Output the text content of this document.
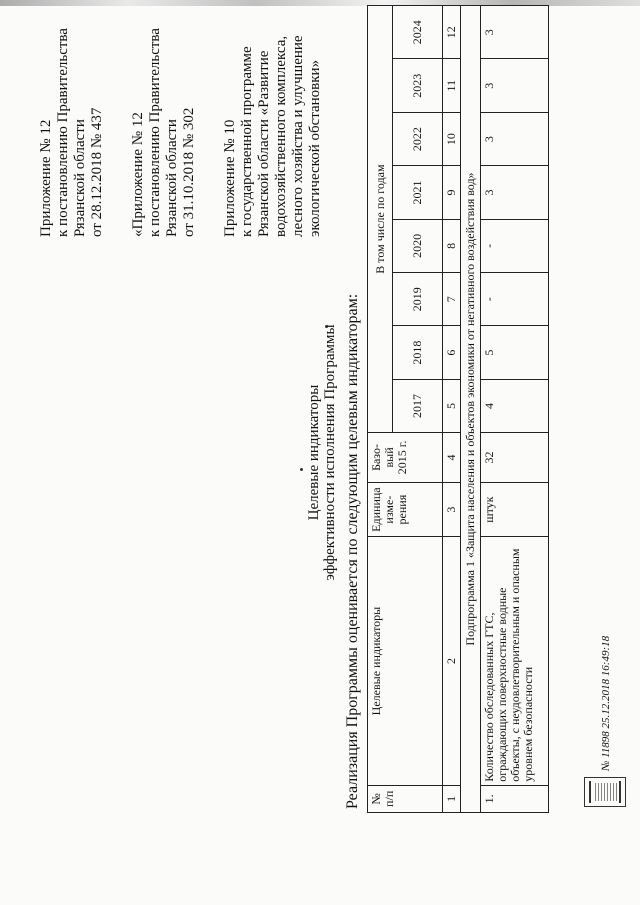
Приложение № 12 к постановлению Правительства Рязанской области от 28.12.2018 № 437 «Приложение № 12 к постановлению Правительства Рязанской области от 31.10.2018 № 302 Приложение № 10 к государственной программе Рязанской области «Развитие водохозяйственного комплекса, лесного хозяйства и улучшение экологической обстановки»

Целевые индикаторы эффективности исполнения Программы Реализация Программы оценивается по следующим целевым индикаторам: № п/п	Целевые индикаторы	Единица изме-рения	Базо-вый 2015 г.	В том числе по годам							
				2017	2018	2019	2020	2021	2022	2023	2024
1	2	3	4	5	6	7	8	9	10	11	12
Подпрограмма 1 «Защита населения и объектов экономики от негативного воздействия вод»											
1.	Количество обследованных ГТС, ограждающих поверхностные водные объекты, с неудовлетворительным и опасным уровнем безопасности	штук	32	4	5	-	-	3	3	3	3
№ 11898 25.12.2018 16:49:18
